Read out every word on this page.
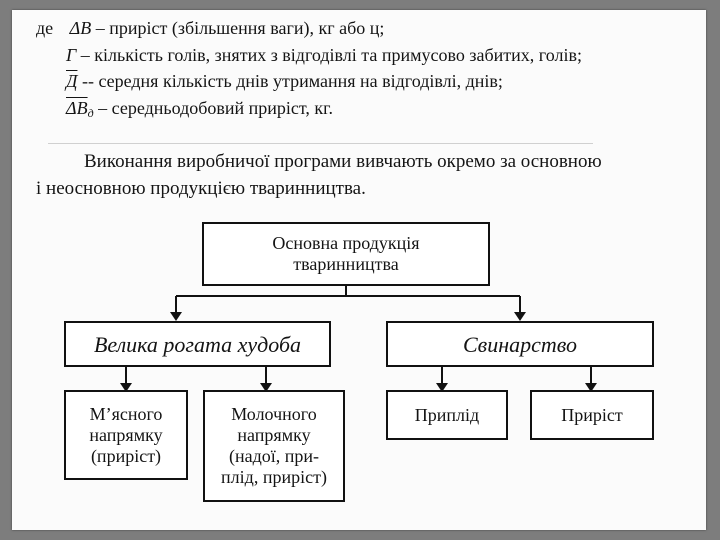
де ΔB – приріст (збільшення ваги), кг або ц;
Г – кількість голів, знятих з відгодівлі та примусово забитих, голів;
Д -- середня кількість днів утримання на відгодівлі, днів;
$\overline{\Delta B}_д$ – середньодобовий приріст, кг.
Виконання виробничої програми вивчають окремо за основною
і неосновною продукцією тваринництва.
Основна продукція
тваринництва
Велика рогата худоба	Свинарство
М’ясного
напрямку
(приріст)
Молочного
напрямку
(надої, при-
плід, приріст)
Приплід	Приріст
